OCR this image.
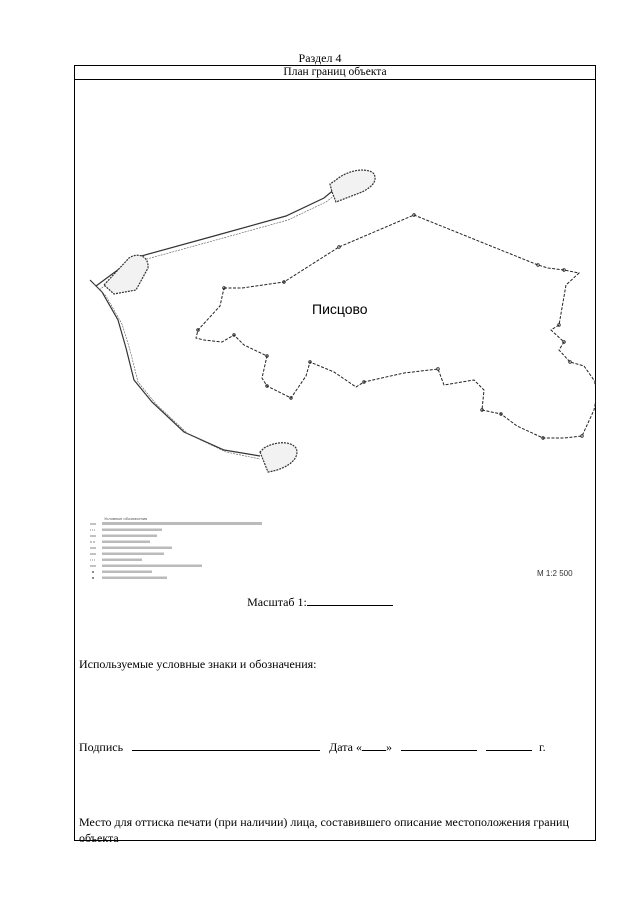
Раздел 4
План границ объекта
Писцово
Условные обозначения
М 1:2 500
Масштаб 1:
Используемые условные знаки и обозначения:
Подпись	Дата « »	г.
Место для оттиска печати (при наличии) лица, составившего описание местоположения границ объекта
